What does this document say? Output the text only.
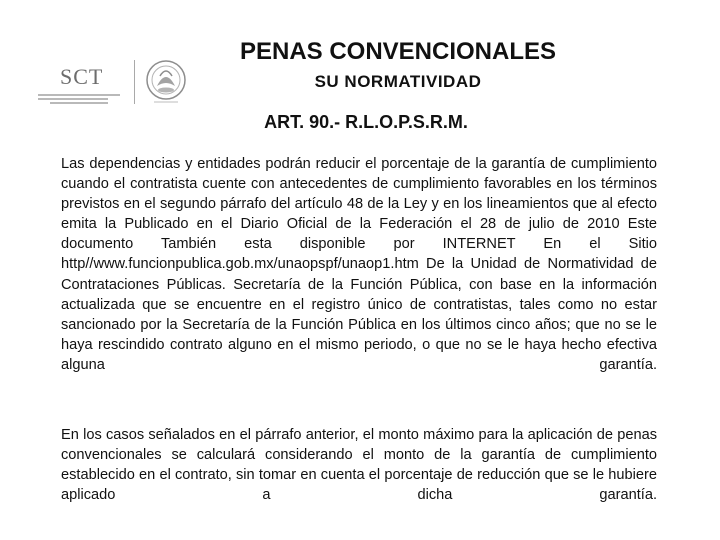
SCT
PENAS CONVENCIONALES
SU NORMATIVIDAD
ART. 90.- R.L.O.P.S.R.M.
Las dependencias y entidades podrán reducir el porcentaje de la garantía de cumplimiento cuando el contratista cuente con antecedentes de cumplimiento favorables en los términos previstos en el segundo párrafo del artículo 48 de la Ley y en los lineamientos que al efecto emita la Publicado en el Diario Oficial de la Federación el 28 de julio de 2010 Este documento También esta disponible por INTERNET En el Sitio http//www.funcionpublica.gob.mx/unaopspf/unaop1.htm De la Unidad de Normatividad de Contrataciones Públicas. Secretaría de la Función Pública, con base en la información actualizada que se encuentre en el registro único de contratistas, tales como no estar sancionado por la Secretaría de la Función Pública en los últimos cinco años; que no se le haya rescindido contrato alguno en el mismo periodo, o que no se le haya hecho efectiva alguna garantía.
En los casos señalados en el párrafo anterior, el monto máximo para la aplicación de penas convencionales se calculará considerando el monto de la garantía de cumplimiento establecido en el contrato, sin tomar en cuenta el porcentaje de reducción que se le hubiere aplicado a dicha garantía.
